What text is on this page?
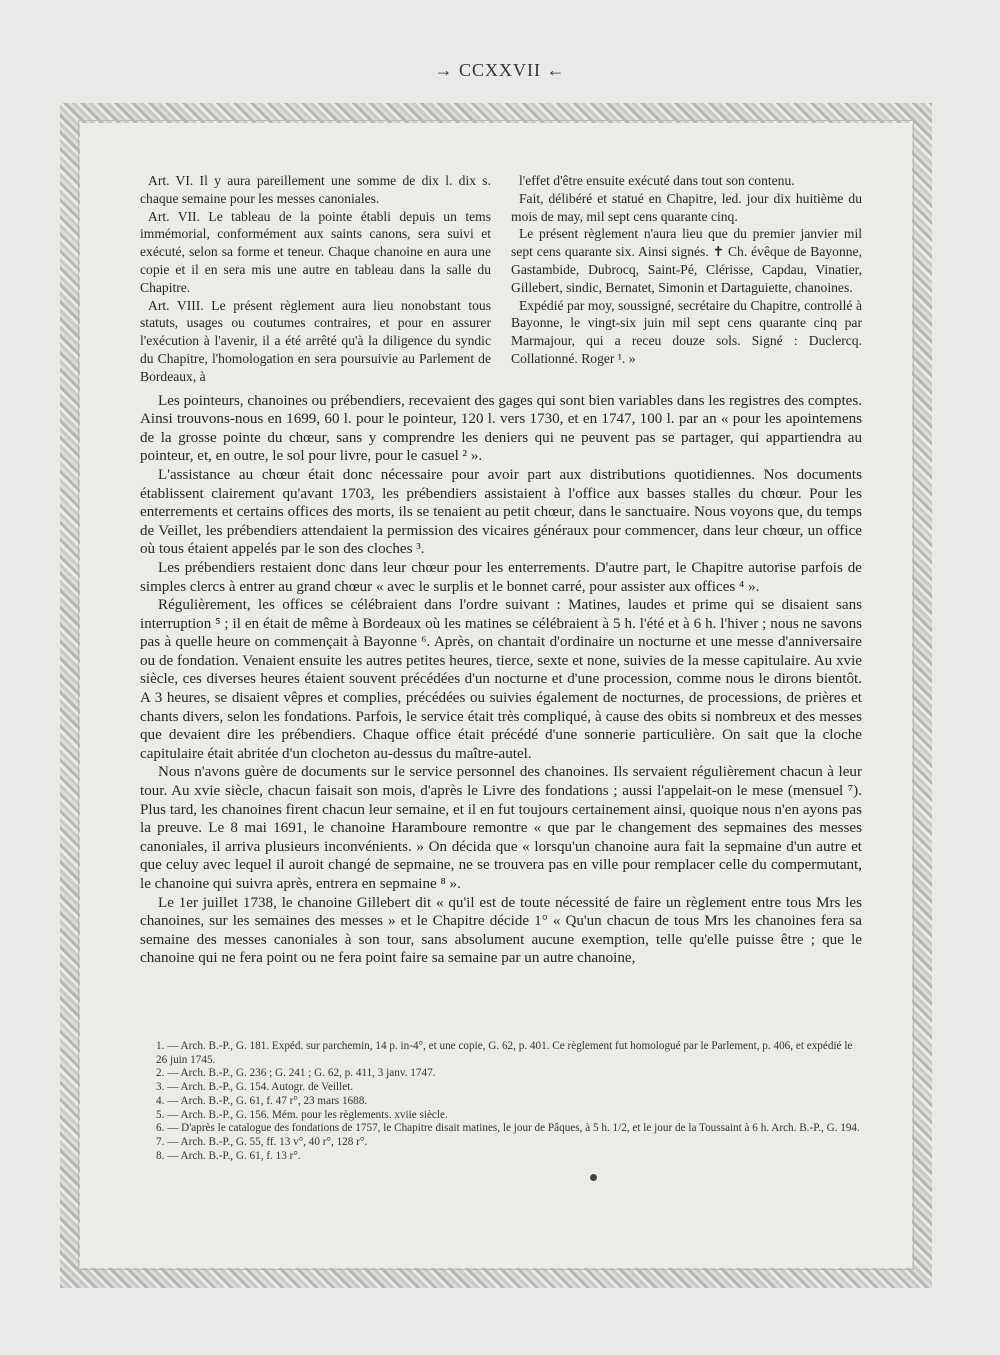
→ CCXXVII ←

Art. VI. Il y aura pareillement une somme de dix l. dix s. chaque semaine pour les messes canoniales.

Art. VII. Le tableau de la pointe établi depuis un tems immémorial, conformément aux saints canons, sera suivi et exécuté, selon sa forme et teneur. Chaque chanoine en aura une copie et il en sera mis une autre en tableau dans la salle du Chapitre.

Art. VIII. Le présent règlement aura lieu nonobstant tous statuts, usages ou coutumes contraires, et pour en assurer l'exécution à l'avenir, il a été arrêté qu'à la diligence du syndic du Chapitre, l'homologation en sera poursuivie au Parlement de Bordeaux, à

l'effet d'être ensuite exécuté dans tout son contenu.

Fait, délibéré et statué en Chapitre, led. jour dix huitième du mois de may, mil sept cens quarante cinq.

Le présent règlement n'aura lieu que du premier janvier mil sept cens quarante six. Ainsi signés. ✝ Ch. évêque de Bayonne, Gastambide, Dubrocq, Saint-Pé, Clérisse, Capdau, Vinatier, Gillebert, sindic, Bernatet, Simonin et Dartaguiette, chanoines.

Expédié par moy, soussigné, secrétaire du Chapitre, controllé à Bayonne, le vingt-six juin mil sept cens quarante cinq par Marmajour, qui a receu douze sols. Signé : Duclercq. Collationné. Roger ¹. »

Les pointeurs, chanoines ou prébendiers, recevaient des gages qui sont bien variables dans les registres des comptes. Ainsi trouvons-nous en 1699, 60 l. pour le pointeur, 120 l. vers 1730, et en 1747, 100 l. par an « pour les apointemens de la grosse pointe du chœur, sans y comprendre les deniers qui ne peuvent pas se partager, qui appartiendra au pointeur, et, en outre, le sol pour livre, pour le casuel ² ».

L'assistance au chœur était donc nécessaire pour avoir part aux distributions quotidiennes. Nos documents établissent clairement qu'avant 1703, les prébendiers assistaient à l'office aux basses stalles du chœur. Pour les enterrements et certains offices des morts, ils se tenaient au petit chœur, dans le sanctuaire. Nous voyons que, du temps de Veillet, les prébendiers attendaient la permission des vicaires généraux pour commencer, dans leur chœur, un office où tous étaient appelés par le son des cloches ³.

Les prébendiers restaient donc dans leur chœur pour les enterrements. D'autre part, le Chapitre autorise parfois de simples clercs à entrer au grand chœur « avec le surplis et le bonnet carré, pour assister aux offices ⁴ ».

Régulièrement, les offices se célébraient dans l'ordre suivant : Matines, laudes et prime qui se disaient sans interruption ⁵ ; il en était de même à Bordeaux où les matines se célébraient à 5 h. l'été et à 6 h. l'hiver ; nous ne savons pas à quelle heure on commençait à Bayonne ⁶. Après, on chantait d'ordinaire un nocturne et une messe d'anniversaire ou de fondation. Venaient ensuite les autres petites heures, tierce, sexte et none, suivies de la messe capitulaire. Au xvie siècle, ces diverses heures étaient souvent précédées d'un nocturne et d'une procession, comme nous le dirons bientôt. A 3 heures, se disaient vêpres et complies, précédées ou suivies également de nocturnes, de processions, de prières et chants divers, selon les fondations. Parfois, le service était très compliqué, à cause des obits si nombreux et des messes que devaient dire les prébendiers. Chaque office était précédé d'une sonnerie particulière. On sait que la cloche capitulaire était abritée d'un clocheton au-dessus du maître-autel.

Nous n'avons guère de documents sur le service personnel des chanoines. Ils servaient régulièrement chacun à leur tour. Au xvie siècle, chacun faisait son mois, d'après le Livre des fondations ; aussi l'appelait-on le mese (mensuel ⁷). Plus tard, les chanoines firent chacun leur semaine, et il en fut toujours certainement ainsi, quoique nous n'en ayons pas la preuve. Le 8 mai 1691, le chanoine Haramboure remontre « que par le changement des sepmaines des messes canoniales, il arriva plusieurs inconvénients. » On décida que « lorsqu'un chanoine aura fait la sepmaine d'un autre et que celuy avec lequel il auroit changé de sepmaine, ne se trouvera pas en ville pour remplacer celle du compermutant, le chanoine qui suivra après, entrera en sepmaine ⁸ ».

Le 1er juillet 1738, le chanoine Gillebert dit « qu'il est de toute nécessité de faire un règlement entre tous Mrs les chanoines, sur les semaines des messes » et le Chapitre décide 1° « Qu'un chacun de tous Mrs les chanoines fera sa semaine des messes canoniales à son tour, sans absolument aucune exemption, telle qu'elle puisse être ; que le chanoine qui ne fera point ou ne fera point faire sa semaine par un autre chanoine,

1. — Arch. B.-P., G. 181. Expéd. sur parchemin, 14 p. in-4°, et une copie, G. 62, p. 401. Ce règlement fut homologué par le Parlement, p. 406, et expédié le 26 juin 1745.

2. — Arch. B.-P., G. 236 ; G. 241 ; G. 62, p. 411, 3 janv. 1747.

3. — Arch. B.-P., G. 154. Autogr. de Veillet.

4. — Arch. B.-P., G. 61, f. 47 r°, 23 mars 1688.

5. — Arch. B.-P., G. 156. Mém. pour les règlements. xviie siècle.

6. — D'après le catalogue des fondations de 1757, le Chapitre disait matines, le jour de Pâques, à 5 h. 1/2, et le jour de la Toussaint à 6 h. Arch. B.-P., G. 194.

7. — Arch. B.-P., G. 55, ff. 13 v°, 40 r°, 128 r°.

8. — Arch. B.-P., G. 61, f. 13 r°.
